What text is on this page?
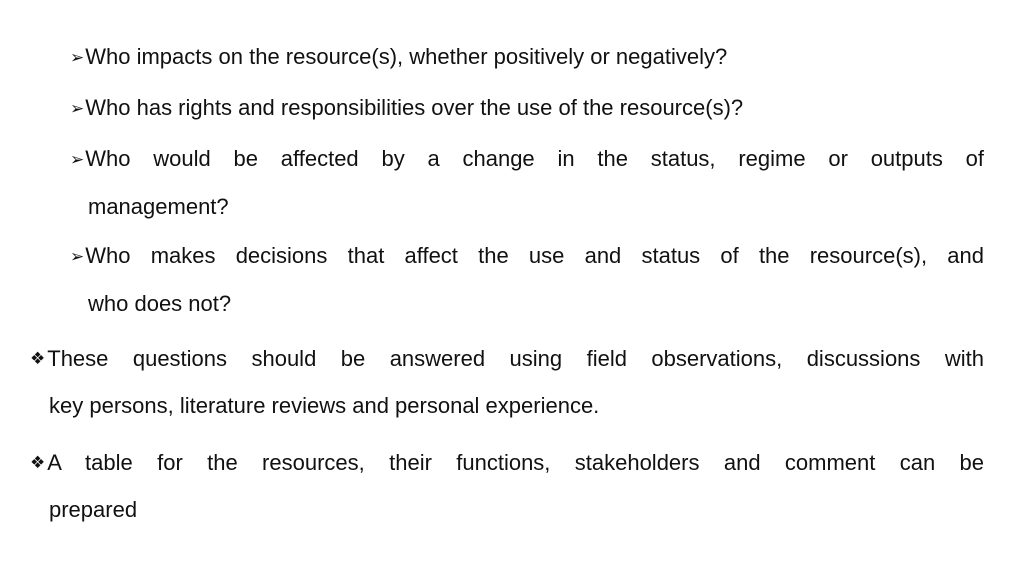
➢Who impacts on the resource(s), whether positively or negatively?
➢Who has rights and responsibilities over the use of the resource(s)?
➢Who would be affected by a change in the status, regime or outputs of
management?
➢Who makes decisions that affect the use and status of the resource(s), and
who does not?
❖These questions should be answered using field observations, discussions with
key persons, literature reviews and personal experience.
❖A table for the resources, their functions, stakeholders and comment can be
prepared
